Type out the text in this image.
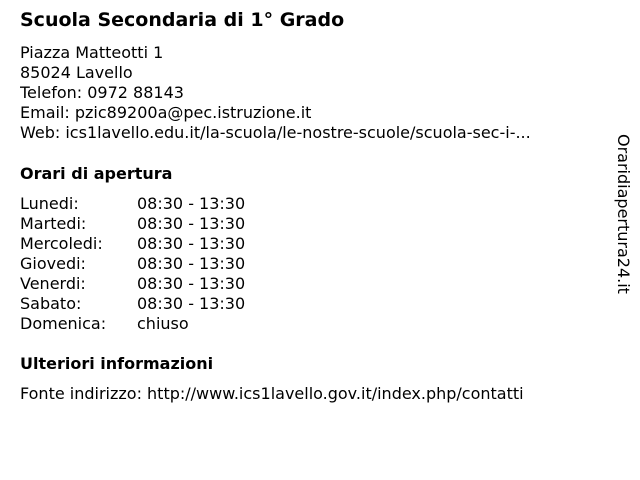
Scuola Secondaria di 1° Grado
Piazza Matteotti 1
85024 Lavello
Telefon: 0972 88143
Email: pzic89200a@pec.istruzione.it
Web: ics1lavello.edu.it/la-scuola/le-nostre-scuole/scuola-sec-i-...
Orari di apertura
Lunedi:	08:30 - 13:30
Martedi:	08:30 - 13:30
Mercoledi:	08:30 - 13:30
Giovedi:	08:30 - 13:30
Venerdi:	08:30 - 13:30
Sabato:	08:30 - 13:30
Domenica:	chiuso
Ulteriori informazioni
Fonte indirizzo: http://www.ics1lavello.gov.it/index.php/contatti
Oraridiapertura24.it
